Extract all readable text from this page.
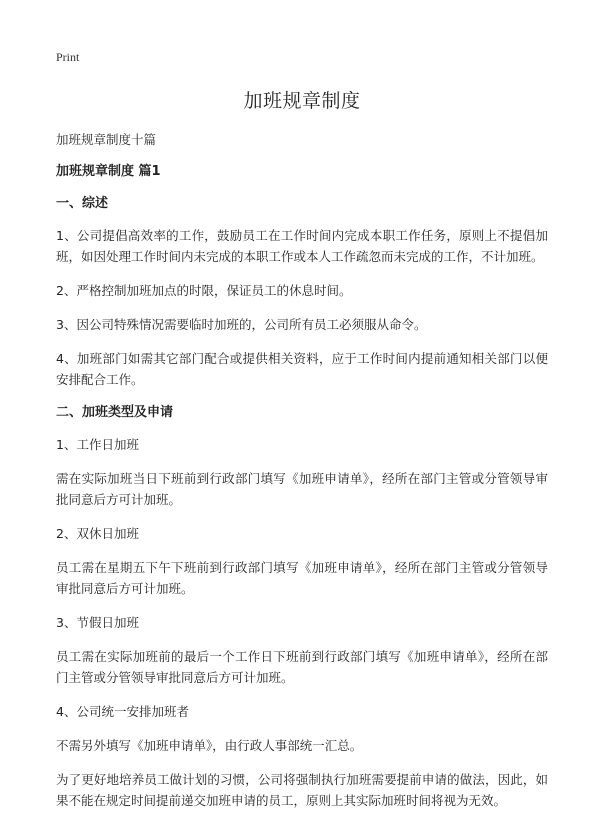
Print
加班规章制度

加班规章制度十篇

加班规章制度 篇1

一、综述

1、公司提倡高效率的工作，鼓励员工在工作时间内完成本职工作任务，原则上不提倡加班，如因处理工作时间内未完成的本职工作或本人工作疏忽而未完成的工作，不计加班。

2、严格控制加班加点的时限，保证员工的休息时间。

3、因公司特殊情况需要临时加班的，公司所有员工必须服从命令。

4、加班部门如需其它部门配合或提供相关资料，应于工作时间内提前通知相关部门以便安排配合工作。

二、加班类型及申请

1、工作日加班

需在实际加班当日下班前到行政部门填写《加班申请单》，经所在部门主管或分管领导审批同意后方可计加班。

2、双休日加班

员工需在星期五下午下班前到行政部门填写《加班申请单》，经所在部门主管或分管领导审批同意后方可计加班。

3、节假日加班

员工需在实际加班前的最后一个工作日下班前到行政部门填写《加班申请单》，经所在部门主管或分管领导审批同意后方可计加班。

4、公司统一安排加班者

不需另外填写《加班申请单》，由行政人事部统一汇总。

为了更好地培养员工做计划的习惯，公司将强制执行加班需要提前申请的做法，因此，如果不能在规定时间提前递交加班申请的员工，原则上其实际加班时间将视为无效。
